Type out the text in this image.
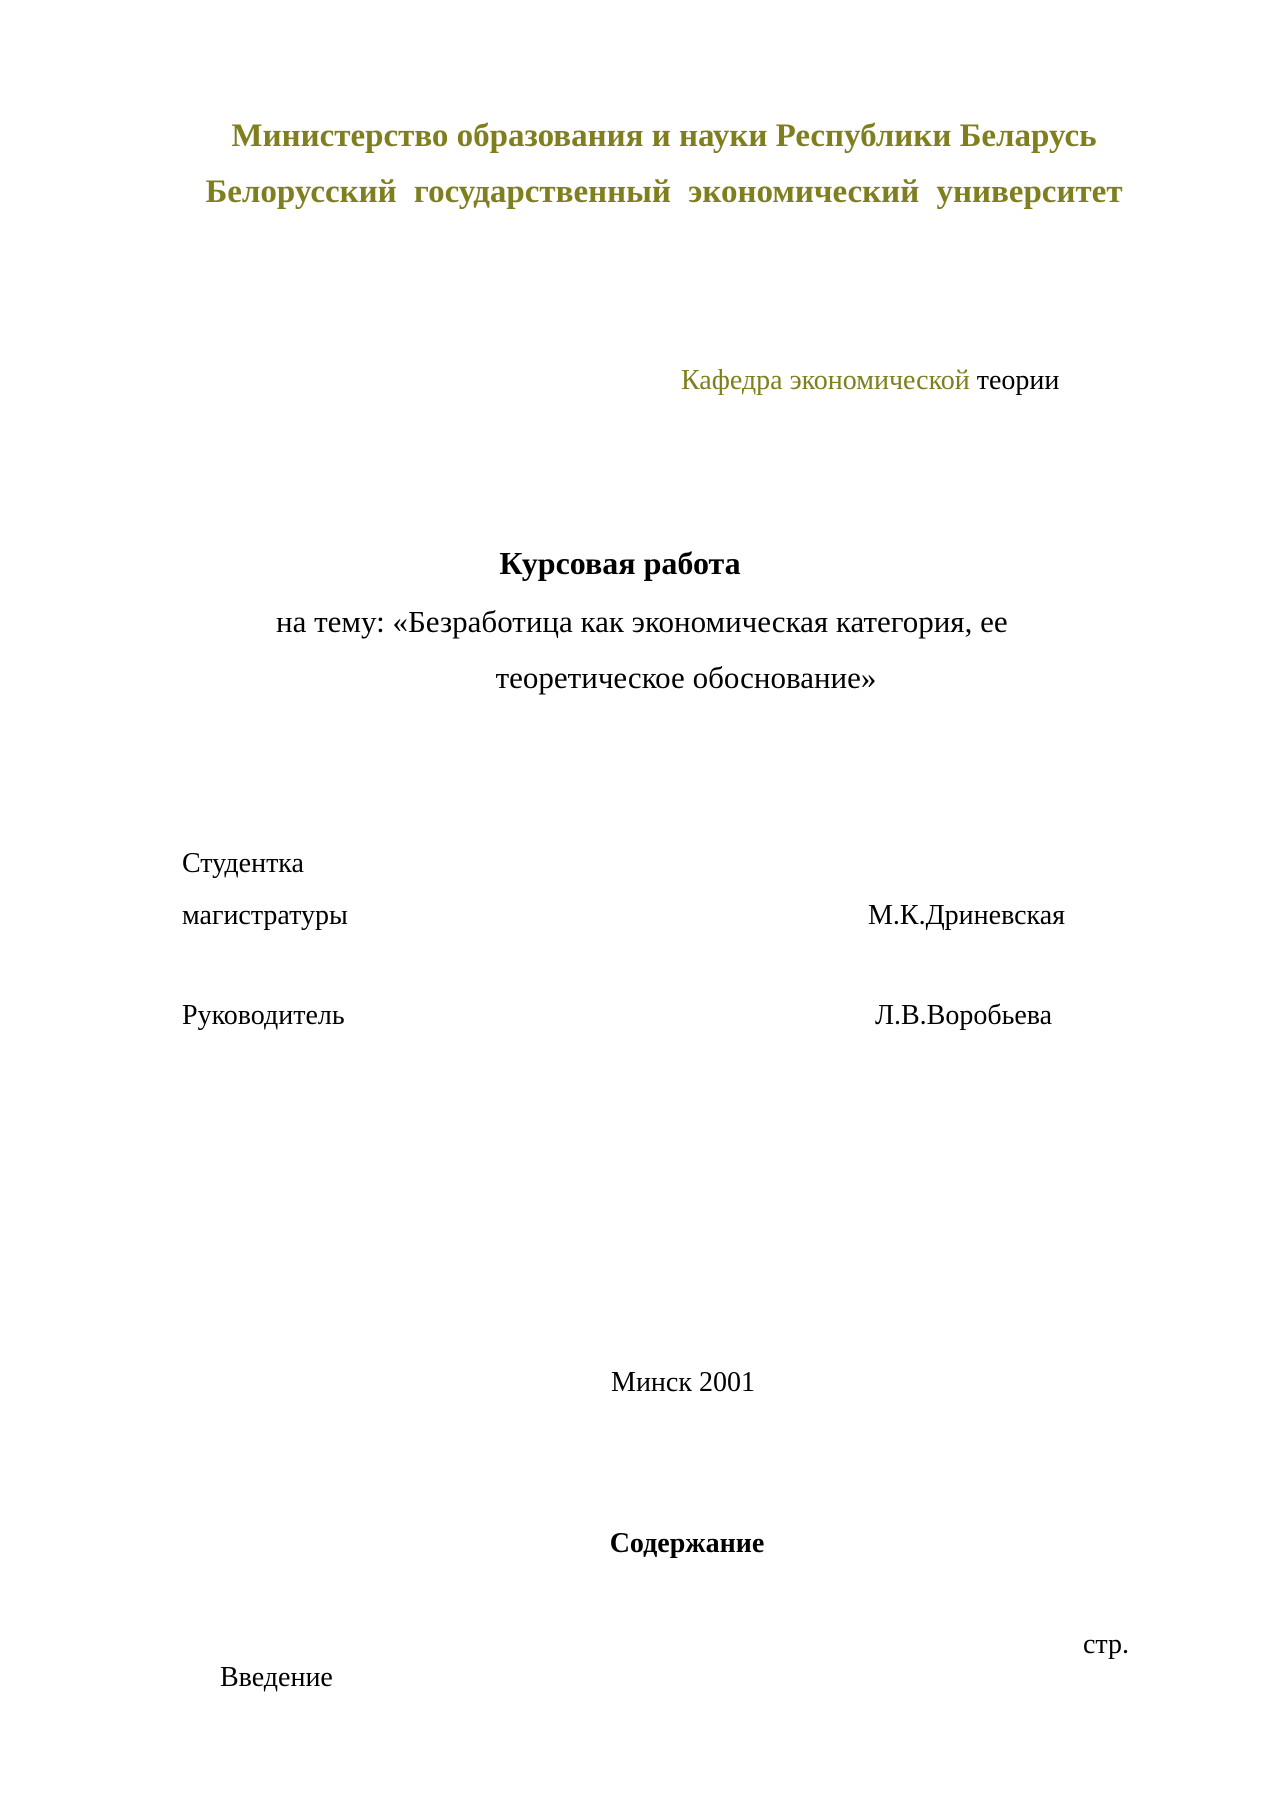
Министерство образования и науки Республики Беларусь
Белорусский государственный экономический университет
Кафедра экономической теории
Курсовая работа
на тему: «Безработица как экономическая категория, ее
теоретическое обоснование»
Студентка
магистратуры	М.К.Дриневская
Руководитель	Л.В.Воробьева
Минск 2001
Содержание
стр.
Введение
